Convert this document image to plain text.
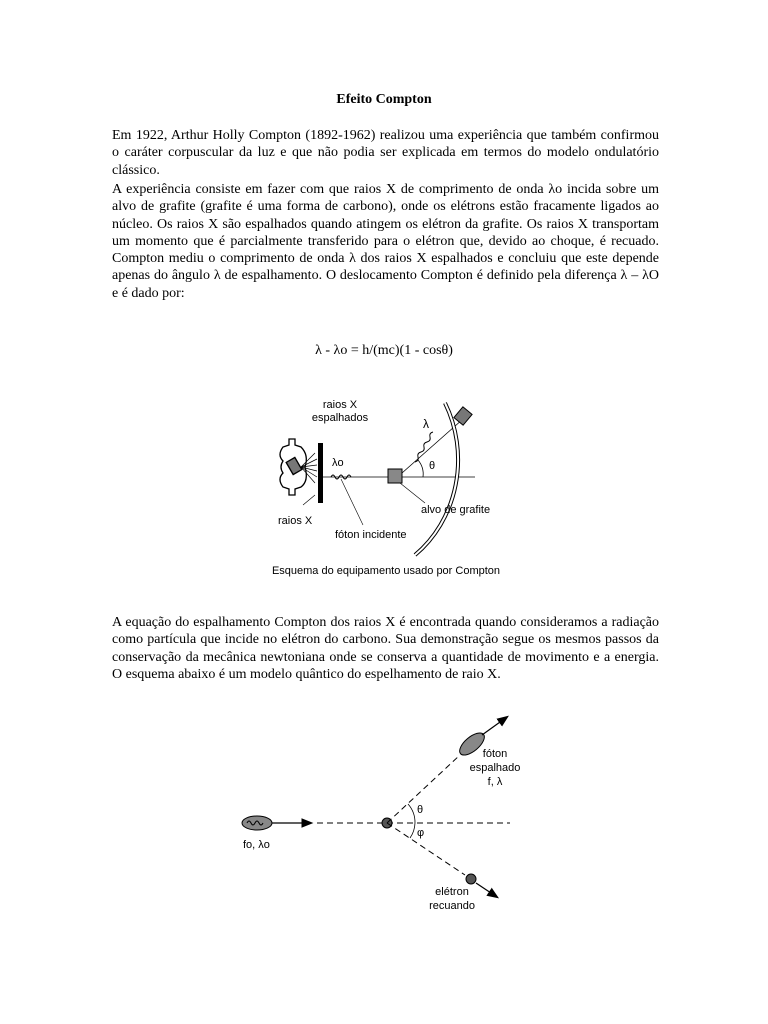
Efeito Compton

Em 1922, Arthur Holly Compton (1892-1962) realizou uma experiência que também confirmou o caráter corpuscular da luz e que não podia ser explicada em termos do modelo ondulatório clássico.

A experiência consiste em fazer com que raios X de comprimento de onda λo incida sobre um alvo de grafite (grafite é uma forma de carbono), onde os elétrons estão fracamente ligados ao núcleo. Os raios X são espalhados quando atingem os elétron da grafite. Os raios X transportam um momento que é parcialmente transferido para o elétron que, devido ao choque, é recuado. Compton mediu o comprimento de onda λ dos raios X espalhados e concluiu que este depende apenas do ângulo λ de espalhamento. O deslocamento Compton é definido pela diferença λ – λO e é dado por:

λ - λo = h/(mc)(1 - cosθ)
raios X
espalhados	λ
λo	θ
raios X
alvo de grafite
fóton incidente
Esquema do equipamento usado por Compton

A equação do espalhamento Compton dos raios X é encontrada quando consideramos a radiação como partícula que incide no elétron do carbono. Sua demonstração segue os mesmos passos da conservação da mecânica newtoniana onde se conserva a quantidade de movimento e a energia. O esquema abaixo é um modelo quântico do espelhamento de raio X.

fóton
espalhado
f, λ
fo, λo
θ
φ
elétron
recuando
